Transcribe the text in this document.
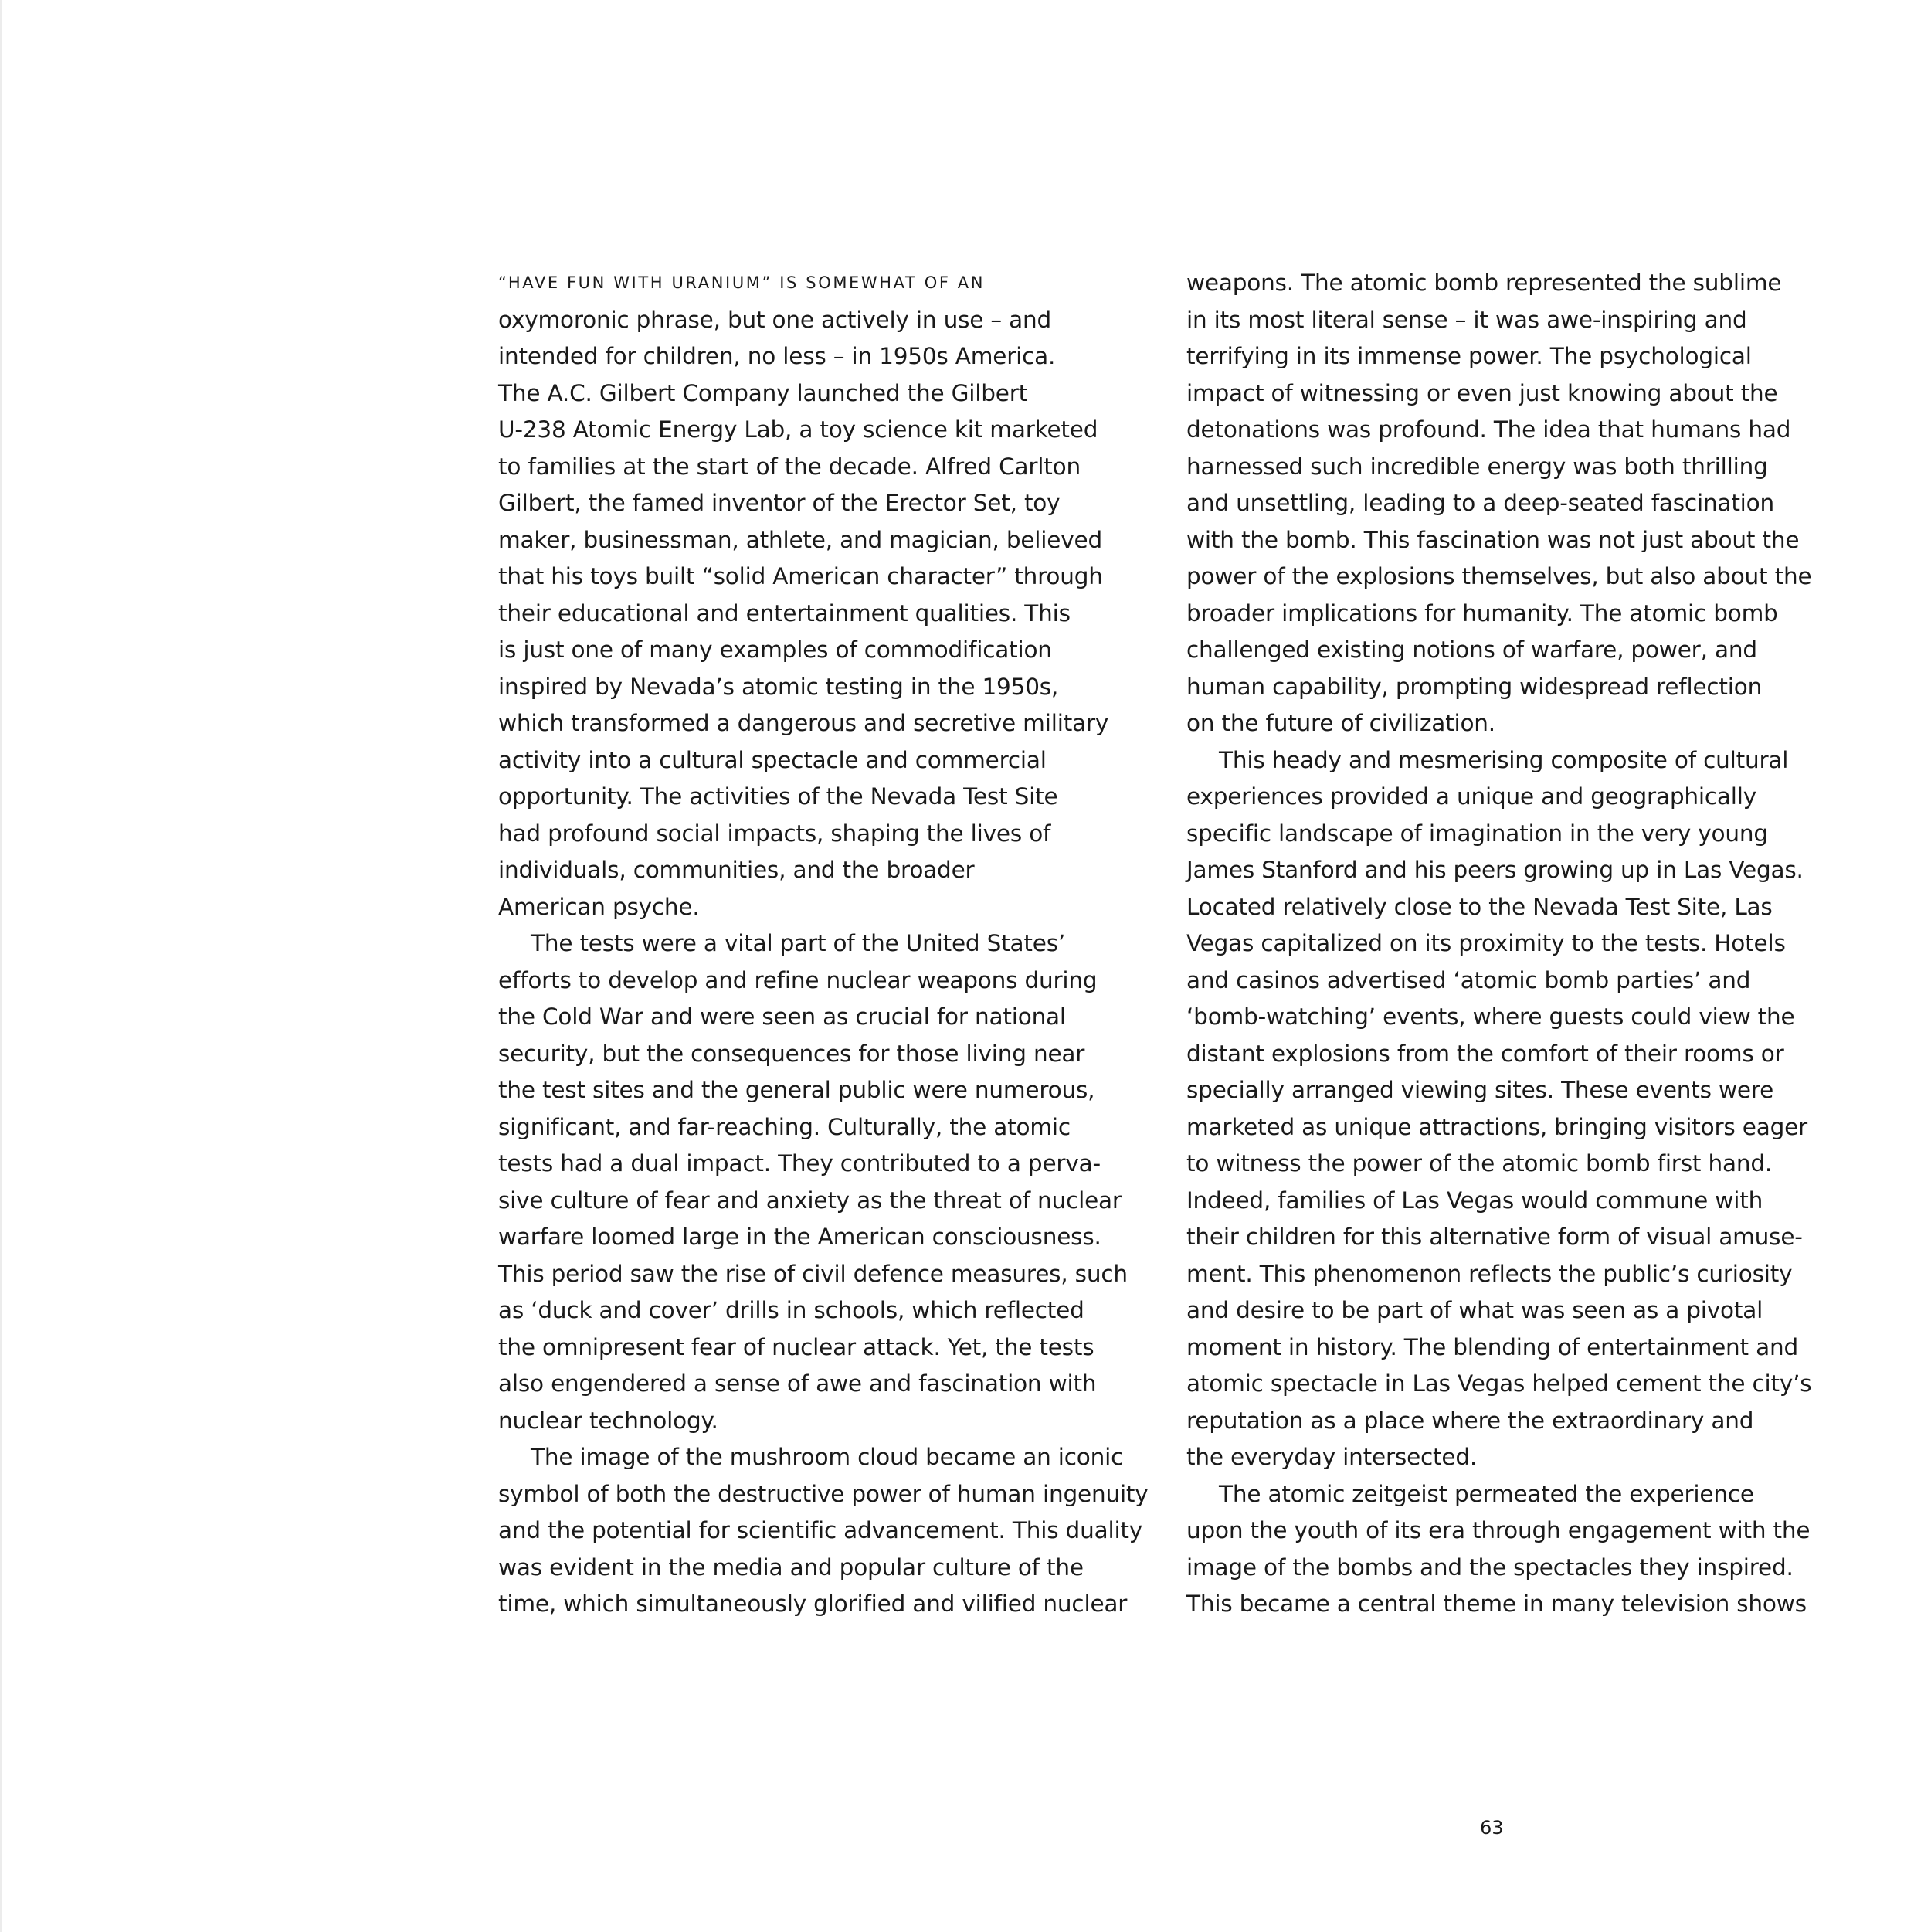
“HAVE FUN WITH URANIUM” IS SOMEWHAT OF AN
oxymoronic phrase, but one actively in use – and
intended for children, no less – in 1950s America.
The A.C. Gilbert Company launched the Gilbert
U-238 Atomic Energy Lab, a toy science kit marketed
to families at the start of the decade. Alfred Carlton
Gilbert, the famed inventor of the Erector Set, toy
maker, businessman, athlete, and magician, believed
that his toys built “solid American character” through
their educational and entertainment qualities. This
is just one of many examples of commodification
inspired by Nevada’s atomic testing in the 1950s,
which transformed a dangerous and secretive military
activity into a cultural spectacle and commercial
opportunity. The activities of the Nevada Test Site
had profound social impacts, shaping the lives of
individuals, communities, and the broader
American psyche.
The tests were a vital part of the United States’
efforts to develop and refine nuclear weapons during
the Cold War and were seen as crucial for national
security, but the consequences for those living near
the test sites and the general public were numerous,
significant, and far-reaching. Culturally, the atomic
tests had a dual impact. They contributed to a perva-
sive culture of fear and anxiety as the threat of nuclear
warfare loomed large in the American consciousness.
This period saw the rise of civil defence measures, such
as ‘duck and cover’ drills in schools, which reflected
the omnipresent fear of nuclear attack. Yet, the tests
also engendered a sense of awe and fascination with
nuclear technology.
The image of the mushroom cloud became an iconic
symbol of both the destructive power of human ingenuity
and the potential for scientific advancement. This duality
was evident in the media and popular culture of the
time, which simultaneously glorified and vilified nuclear
weapons. The atomic bomb represented the sublime
in its most literal sense – it was awe-inspiring and
terrifying in its immense power. The psychological
impact of witnessing or even just knowing about the
detonations was profound. The idea that humans had
harnessed such incredible energy was both thrilling
and unsettling, leading to a deep-seated fascination
with the bomb. This fascination was not just about the
power of the explosions themselves, but also about the
broader implications for humanity. The atomic bomb
challenged existing notions of warfare, power, and
human capability, prompting widespread reflection
on the future of civilization.
This heady and mesmerising composite of cultural
experiences provided a unique and geographically
specific landscape of imagination in the very young
James Stanford and his peers growing up in Las Vegas.
Located relatively close to the Nevada Test Site, Las
Vegas capitalized on its proximity to the tests. Hotels
and casinos advertised ‘atomic bomb parties’ and
‘bomb-watching’ events, where guests could view the
distant explosions from the comfort of their rooms or
specially arranged viewing sites. These events were
marketed as unique attractions, bringing visitors eager
to witness the power of the atomic bomb first hand.
Indeed, families of Las Vegas would commune with
their children for this alternative form of visual amuse-
ment. This phenomenon reflects the public’s curiosity
and desire to be part of what was seen as a pivotal
moment in history. The blending of entertainment and
atomic spectacle in Las Vegas helped cement the city’s
reputation as a place where the extraordinary and
the everyday intersected.
The atomic zeitgeist permeated the experience
upon the youth of its era through engagement with the
image of the bombs and the spectacles they inspired.
This became a central theme in many television shows
63
